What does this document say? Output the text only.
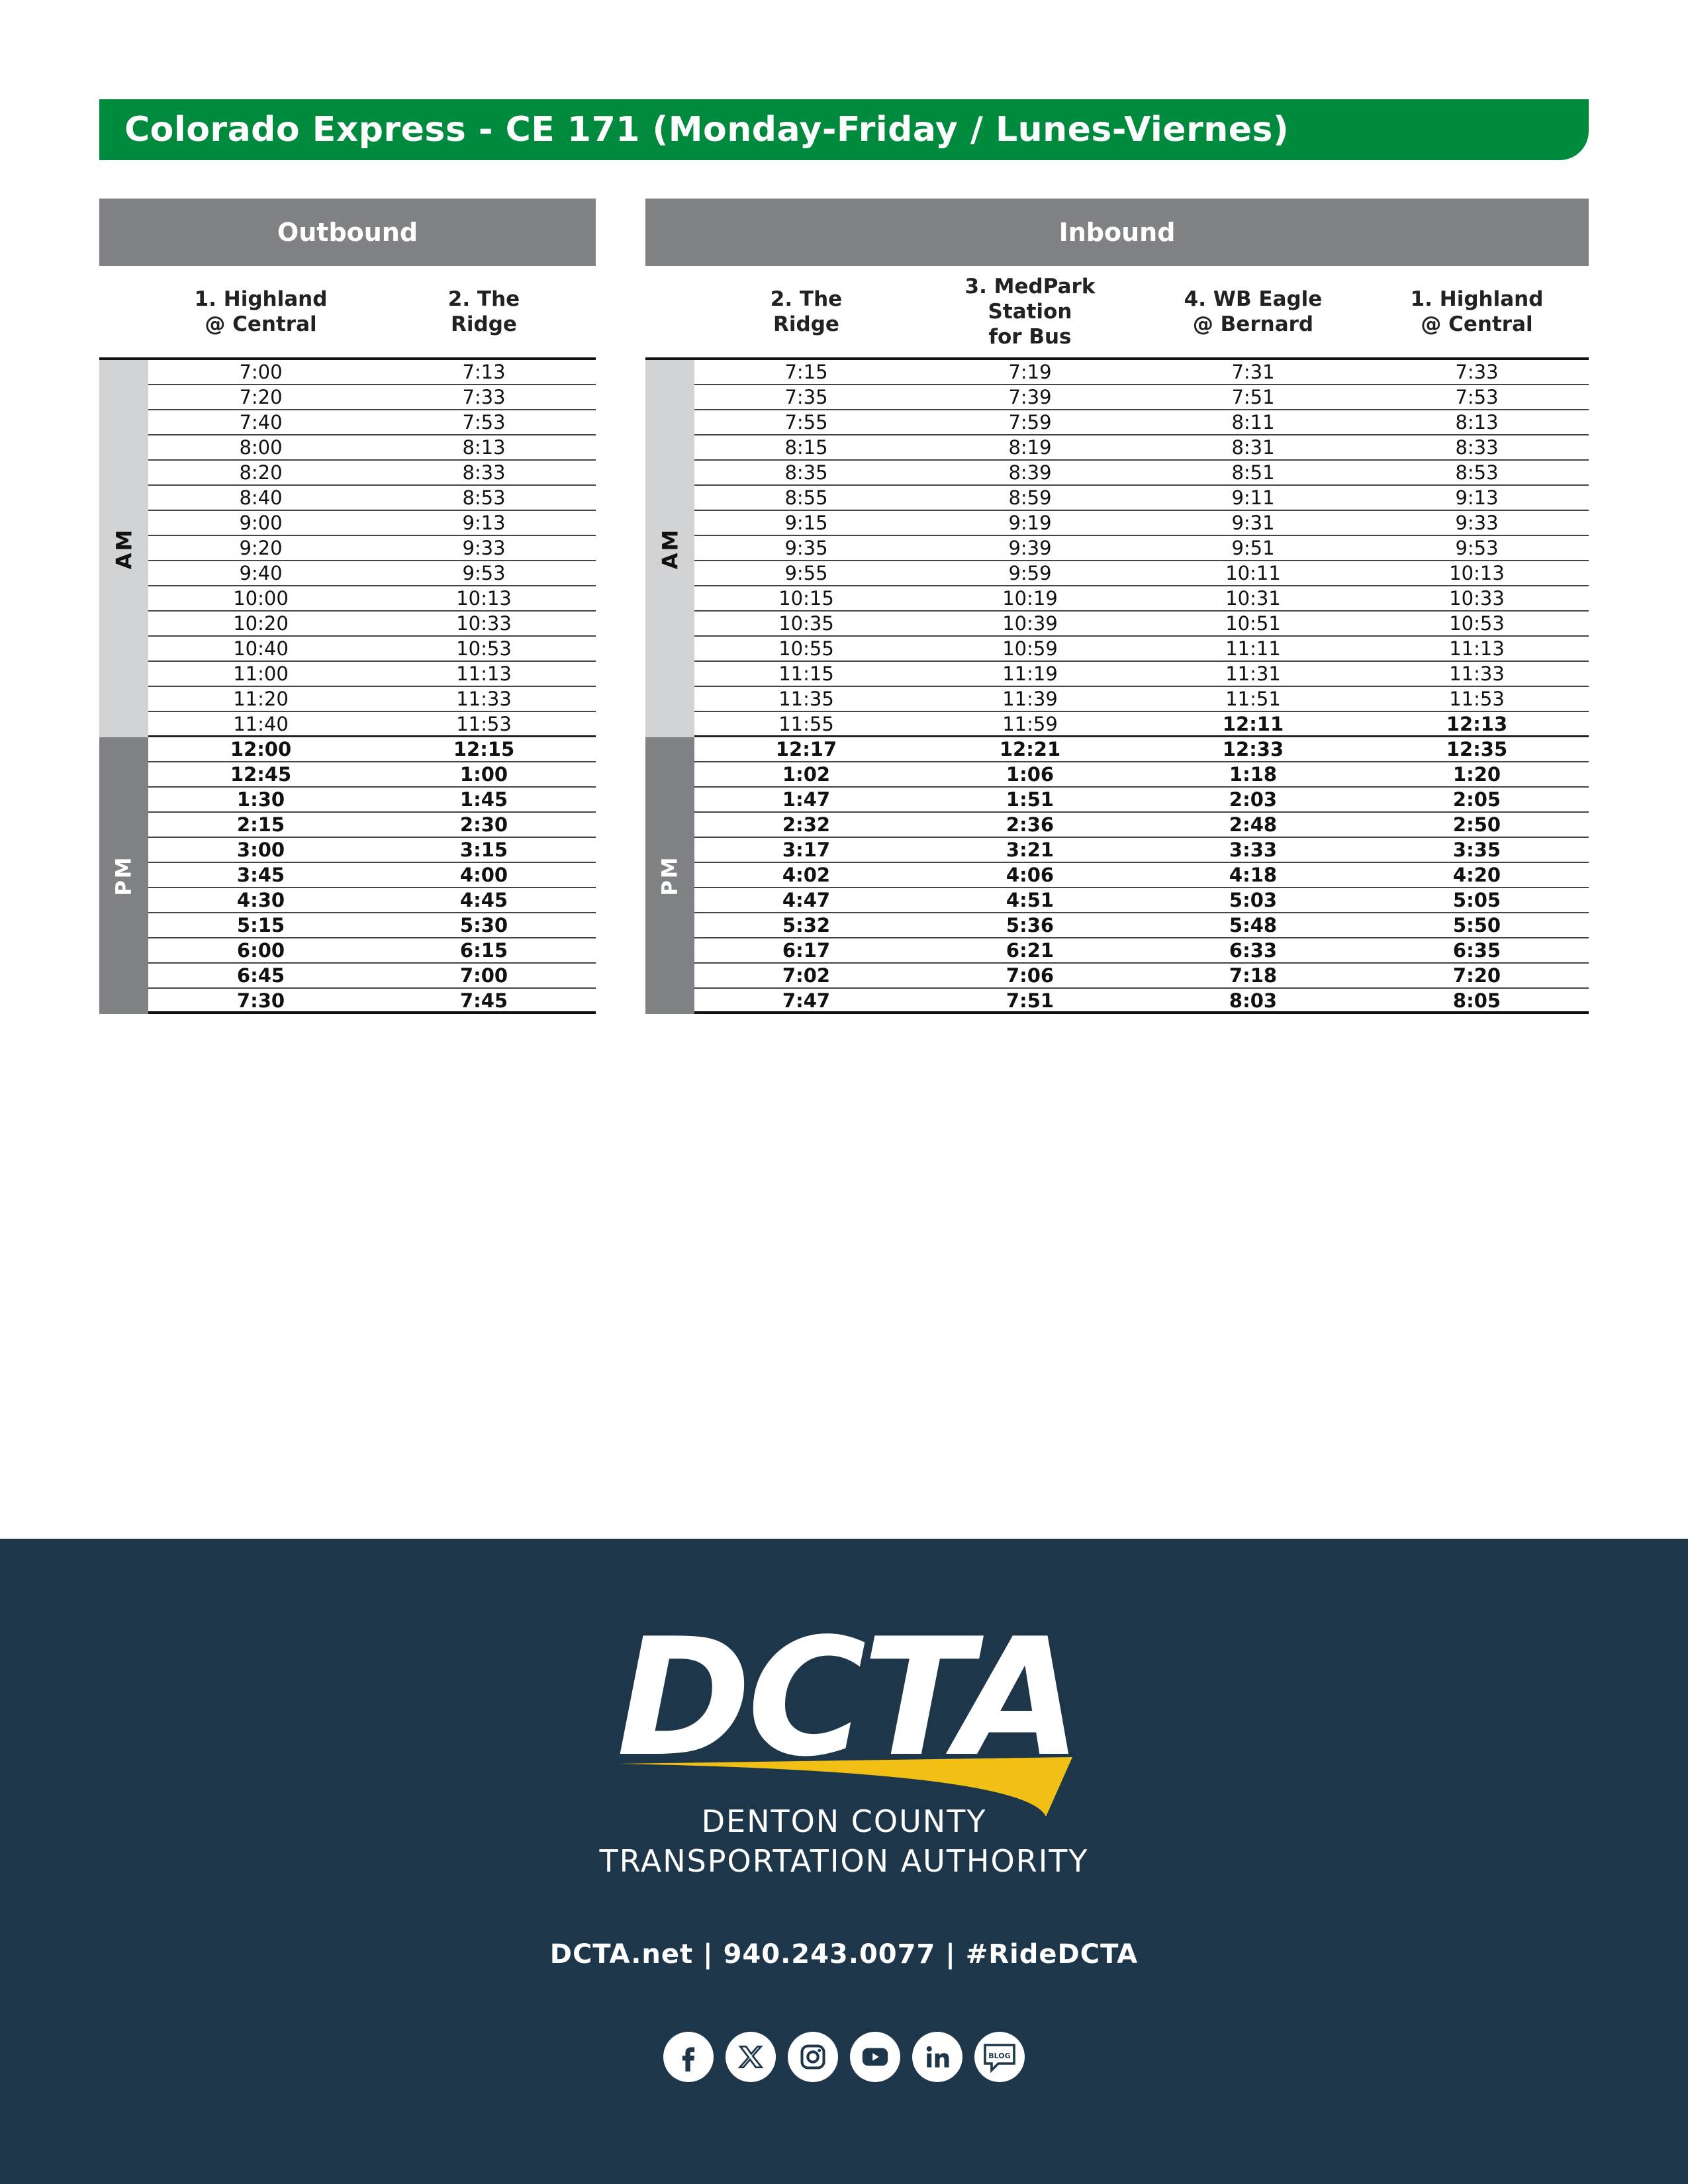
Colorado Express - CE 171 (Monday-Friday / Lunes-Viernes)
Outbound
1. Highland
@ Central
2. The
Ridge
AM
PM
7:00	7:13
7:20	7:33
7:40	7:53
8:00	8:13
8:20	8:33
8:40	8:53
9:00	9:13
9:20	9:33
9:40	9:53
10:00	10:13
10:20	10:33
10:40	10:53
11:00	11:13
11:20	11:33
11:40	11:53
12:00	12:15
12:45	1:00
1:30	1:45
2:15	2:30
3:00	3:15
3:45	4:00
4:30	4:45
5:15	5:30
6:00	6:15
6:45	7:00
7:30	7:45
Inbound
2. The
Ridge
3. MedPark Station
for Bus
4. WB Eagle
@ Bernard
1. Highland
@ Central
AM
PM
7:15	7:19	7:31	7:33
7:35	7:39	7:51	7:53
7:55	7:59	8:11	8:13
8:15	8:19	8:31	8:33
8:35	8:39	8:51	8:53
8:55	8:59	9:11	9:13
9:15	9:19	9:31	9:33
9:35	9:39	9:51	9:53
9:55	9:59	10:11	10:13
10:15	10:19	10:31	10:33
10:35	10:39	10:51	10:53
10:55	10:59	11:11	11:13
11:15	11:19	11:31	11:33
11:35	11:39	11:51	11:53
11:55	11:59	12:11	12:13
12:17	12:21	12:33	12:35
1:02	1:06	1:18	1:20
1:47	1:51	2:03	2:05
2:32	2:36	2:48	2:50
3:17	3:21	3:33	3:35
4:02	4:06	4:18	4:20
4:47	4:51	5:03	5:05
5:32	5:36	5:48	5:50
6:17	6:21	6:33	6:35
7:02	7:06	7:18	7:20
7:47	7:51	8:03	8:05
DCTA
DENTON COUNTY
TRANSPORTATION AUTHORITY
DCTA.net | 940.243.0077 | #RideDCTA
BLOG
